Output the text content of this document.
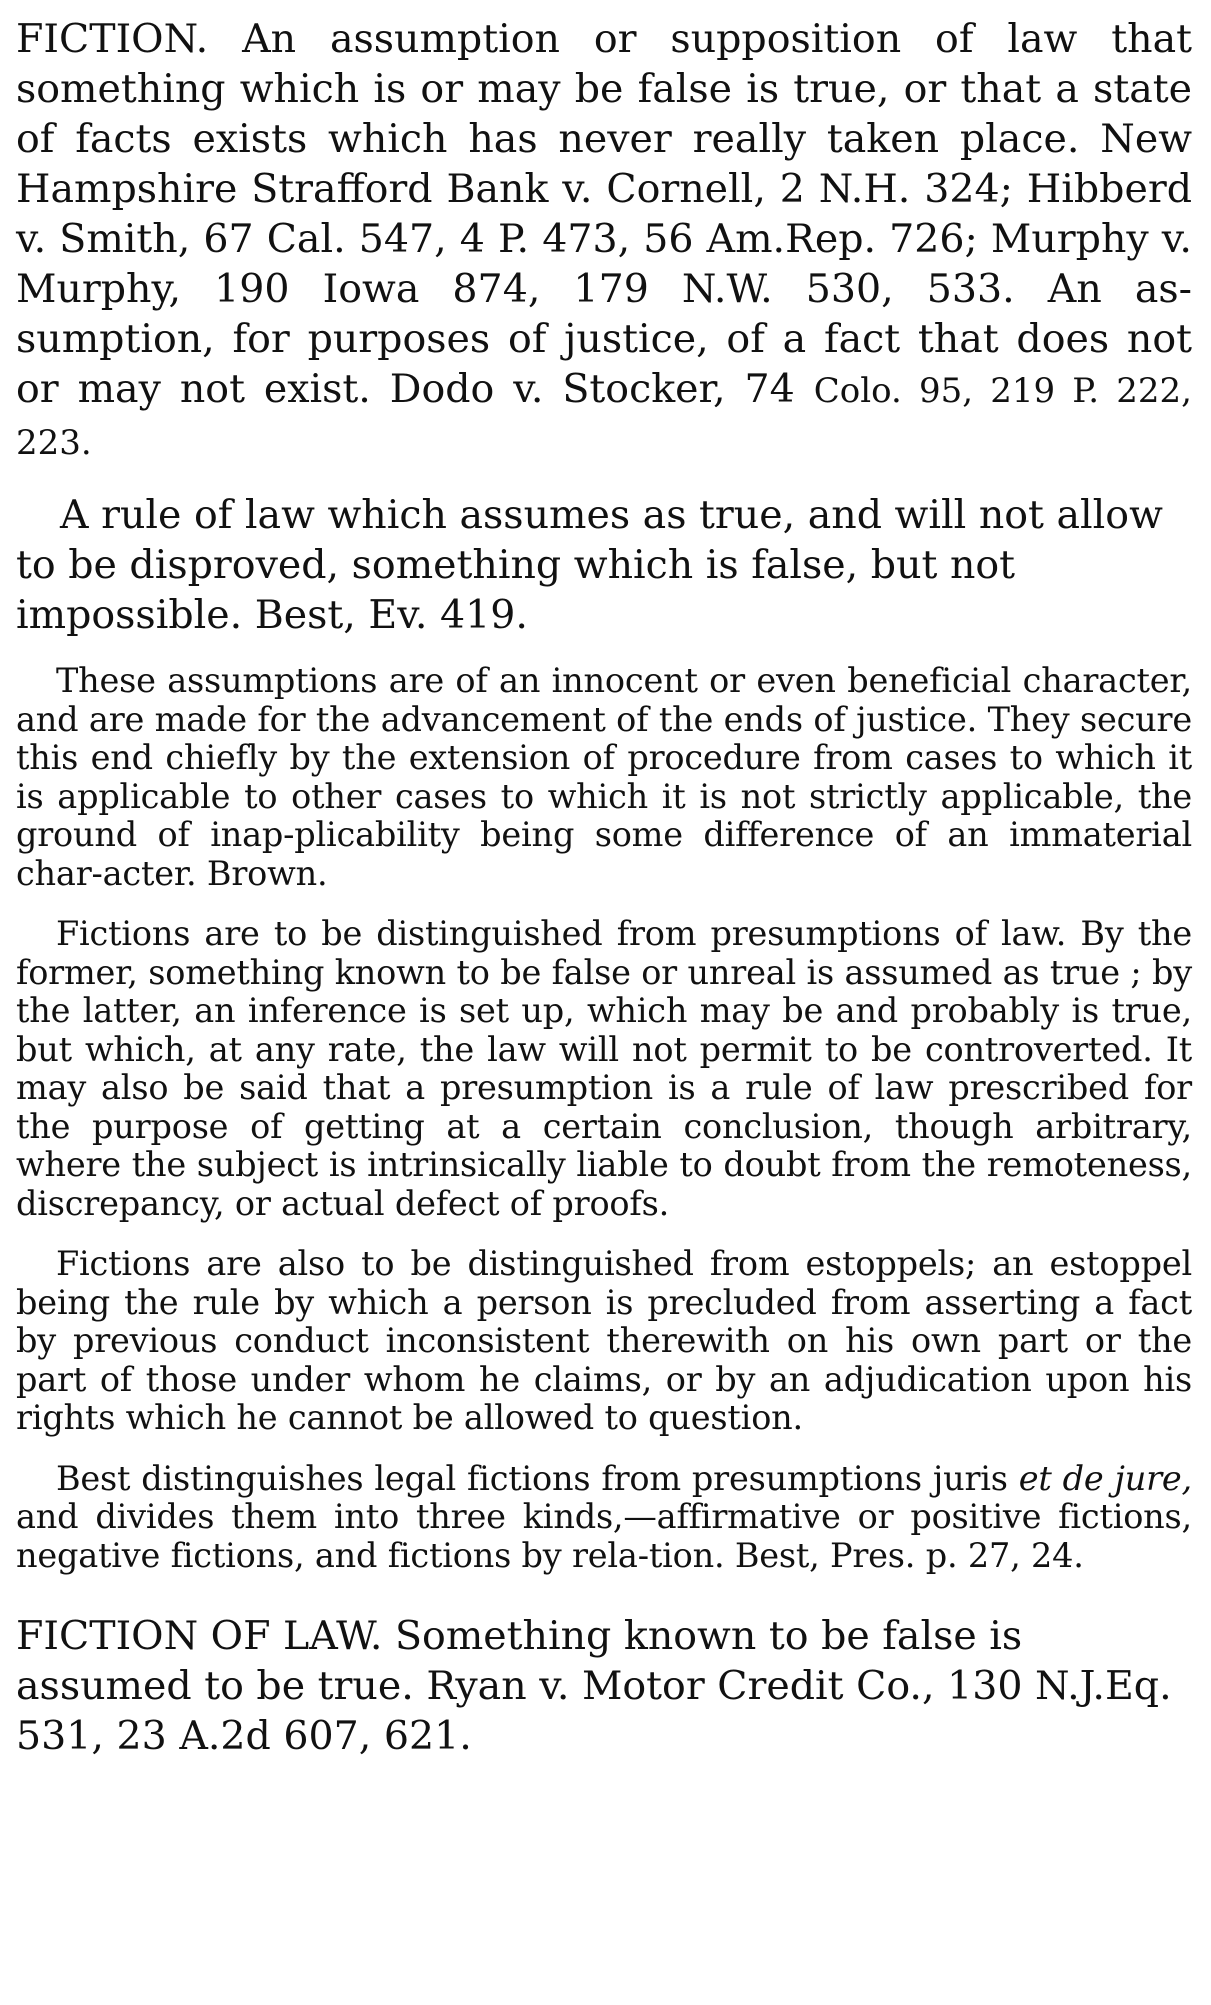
FICTION. An assumption or supposition of law that something which is or may be false is true, or that a state of facts exists which has never really taken place. New Hampshire Strafford Bank v. Cornell, 2 N.H. 324; Hibberd v. Smith, 67 Cal. 547, 4 P. 473, 56 Am.Rep. 726; Murphy v. Murphy, 190 Iowa 874, 179 N.W. 530, 533. An as-sumption, for purposes of justice, of a fact that does not or may not exist. Dodo v. Stocker, 74 Colo. 95, 219 P. 222, 223.

A rule of law which assumes as true, and will not allow to be disproved, something which is false, but not impossible. Best, Ev. 419.

These assumptions are of an innocent or even beneficial character, and are made for the advancement of the ends of justice. They secure this end chiefly by the extension of procedure from cases to which it is applicable to other cases to which it is not strictly applicable, the ground of inap-plicability being some difference of an immaterial char-acter. Brown.

Fictions are to be distinguished from presumptions of law. By the former, something known to be false or unreal is assumed as true ; by the latter, an inference is set up, which may be and probably is true, but which, at any rate, the law will not permit to be controverted. It may also be said that a presumption is a rule of law prescribed for the purpose of getting at a certain conclusion, though arbitrary, where the subject is intrinsically liable to doubt from the remoteness, discrepancy, or actual defect of proofs.

Fictions are also to be distinguished from estoppels; an estoppel being the rule by which a person is precluded from asserting a fact by previous conduct inconsistent therewith on his own part or the part of those under whom he claims, or by an adjudication upon his rights which he cannot be allowed to question.

Best distinguishes legal fictions from presumptions juris et de jure, and divides them into three kinds,—affirmative or positive fictions, negative fictions, and fictions by rela-tion. Best, Pres. p. 27, 24.

FICTION OF LAW. Something known to be false is assumed to be true. Ryan v. Motor Credit Co., 130 N.J.Eq. 531, 23 A.2d 607, 621.
